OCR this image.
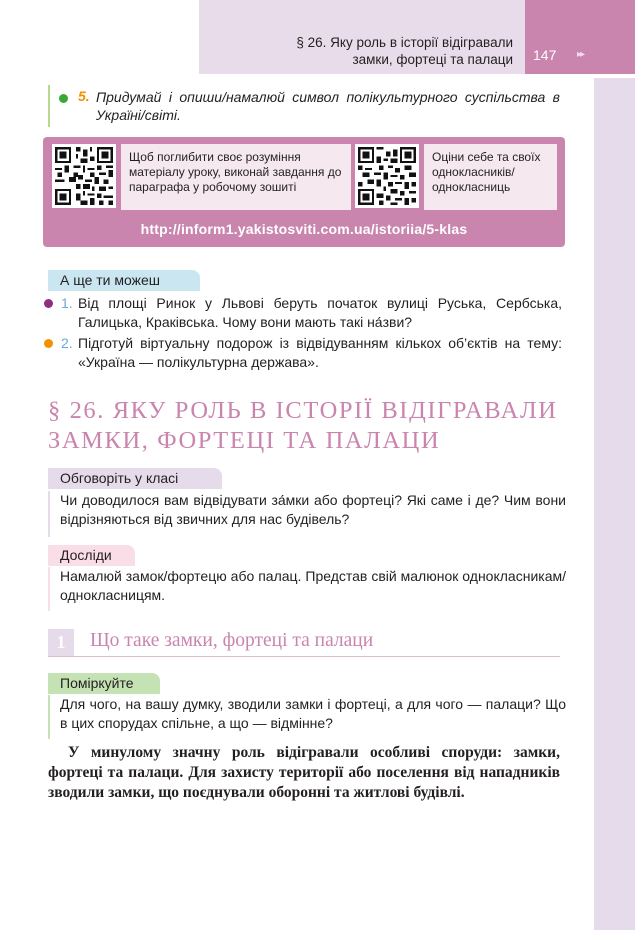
§ 26. Яку роль в історії відігравали
замки, фортеці та палаци 147 ▸▸
5. Придумай і опиши/намалюй символ полікультурного суспільства в Україні/світі.
Щоб поглибити своє розуміння матеріалу уроку, виконай завдання до параграфа у робочому зошиті
Оціни себе та своїх однокласників/однокласниць
http://inform1.yakistosviti.com.ua/istoriia/5-klas
А ще ти можеш
1. Від площі Ринок у Львові беруть початок вулиці Руська, Сербська, Галицька, Краківська. Чому вони мають такі на́зви?
2. Підготуй віртуальну подорож із відвідуванням кількох об’єктів на тему: «Україна — полікультурна держава».
§ 26. ЯКУ РОЛЬ В ІСТОРІЇ ВІДІГРАВАЛИ
ЗАМКИ, ФОРТЕЦІ ТА ПАЛАЦИ
Обговоріть у класі
Чи доводилося вам відвідувати за́мки або фортеці? Які саме і де? Чим вони відрізняються від звичних для нас будівель?
Досліди
Намалюй замок/фортецю або палац. Представ свій малюнок однокласникам/однокласницям.
1	Що таке замки, фортеці та палаци
Поміркуйте
Для чого, на вашу думку, зводили замки і фортеці, а для чого — палаци? Що в цих спорудах спільне, а що — відмінне?
У минулому значну роль відігравали особливі споруди: замки, фортеці та палаци. Для захисту території або поселення від нападників зводили замки, що поєднували оборонні та житлові будівлі.
